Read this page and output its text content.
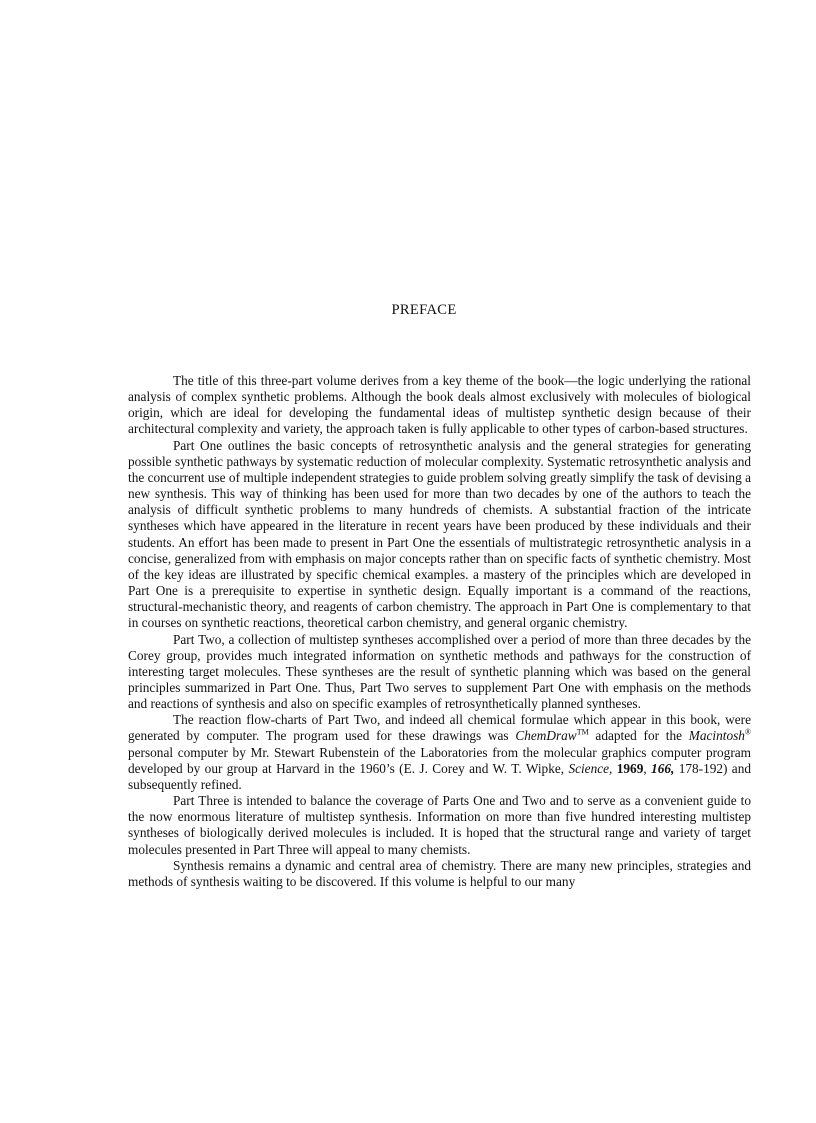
PREFACE

The title of this three-part volume derives from a key theme of the book—the logic underlying the rational analysis of complex synthetic problems. Although the book deals almost exclusively with molecules of biological origin, which are ideal for developing the fundamental ideas of multistep synthetic design because of their architectural complexity and variety, the approach taken is fully applicable to other types of carbon-based structures.

Part One outlines the basic concepts of retrosynthetic analysis and the general strategies for generating possible synthetic pathways by systematic reduction of molecular complexity. Systematic retrosynthetic analysis and the concurrent use of multiple independent strategies to guide problem solving greatly simplify the task of devising a new synthesis. This way of thinking has been used for more than two decades by one of the authors to teach the analysis of difficult synthetic problems to many hundreds of chemists. A substantial fraction of the intricate syntheses which have appeared in the literature in recent years have been produced by these individuals and their students. An effort has been made to present in Part One the essentials of multistrategic retrosynthetic analysis in a concise, generalized from with emphasis on major concepts rather than on specific facts of synthetic chemistry. Most of the key ideas are illustrated by specific chemical examples. a mastery of the principles which are developed in Part One is a prerequisite to expertise in synthetic design. Equally important is a command of the reactions, structural-mechanistic theory, and reagents of carbon chemistry. The approach in Part One is complementary to that in courses on synthetic reactions, theoretical carbon chemistry, and general organic chemistry.

Part Two, a collection of multistep syntheses accomplished over a period of more than three decades by the Corey group, provides much integrated information on synthetic methods and pathways for the construction of interesting target molecules. These syntheses are the result of synthetic planning which was based on the general principles summarized in Part One. Thus, Part Two serves to supplement Part One with emphasis on the methods and reactions of synthesis and also on specific examples of retrosynthetically planned syntheses.

The reaction flow-charts of Part Two, and indeed all chemical formulae which appear in this book, were generated by computer. The program used for these drawings was ChemDraw™ adapted for the Macintosh® personal computer by Mr. Stewart Rubenstein of the Laboratories from the molecular graphics computer program developed by our group at Harvard in the 1960’s (E. J. Corey and W. T. Wipke, Science, 1969, 166, 178-192) and subsequently refined.

Part Three is intended to balance the coverage of Parts One and Two and to serve as a convenient guide to the now enormous literature of multistep synthesis. Information on more than five hundred interesting multistep syntheses of biologically derived molecules is included. It is hoped that the structural range and variety of target molecules presented in Part Three will appeal to many chemists.

Synthesis remains a dynamic and central area of chemistry. There are many new principles, strategies and methods of synthesis waiting to be discovered. If this volume is helpful to our many
